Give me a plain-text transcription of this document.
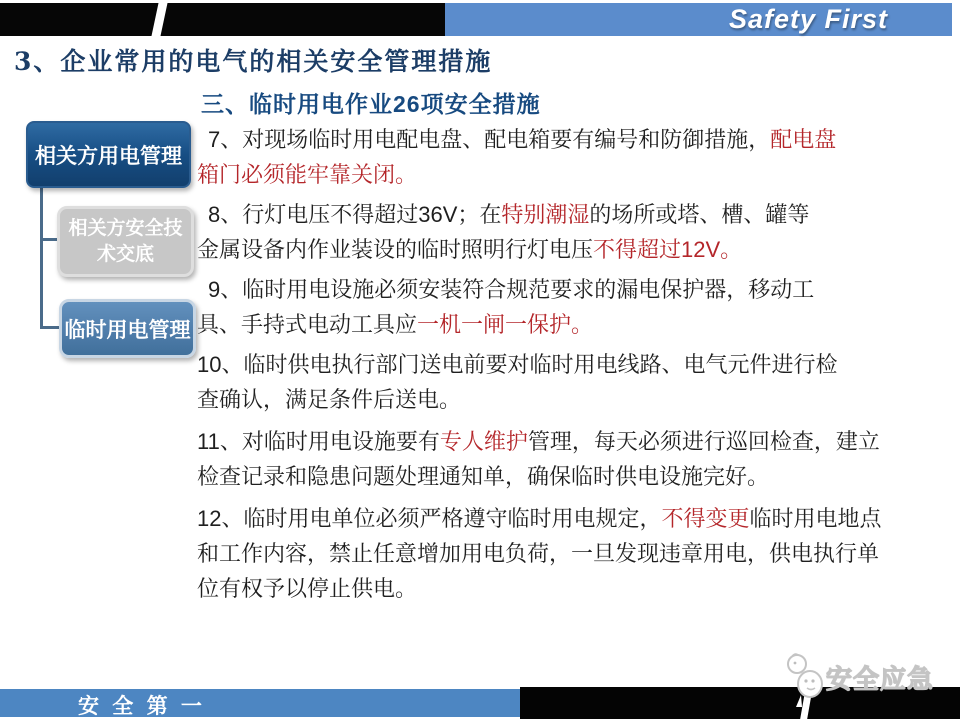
Safety First
3、企业常用的电气的相关安全管理措施
三、临时用电作业26项安全措施
相关方用电管理
相关方安全技
术交底
临时用电管理
7、对现场临时用电配电盘、配电箱要有编号和防御措施，配电盘
箱门必须能牢靠关闭。
8、行灯电压不得超过36V；在特别潮湿的场所或塔、槽、罐等
金属设备内作业装设的临时照明行灯电压不得超过12V。
9、临时用电设施必须安装符合规范要求的漏电保护器，移动工
具、手持式电动工具应一机一闸一保护。
10、临时供电执行部门送电前要对临时用电线路、电气元件进行检
查确认，满足条件后送电。
11、对临时用电设施要有专人维护管理，每天必须进行巡回检查，建立
检查记录和隐患问题处理通知单，确保临时供电设施完好。
12、临时用电单位必须严格遵守临时用电规定，不得变更临时用电地点
和工作内容，禁止任意增加用电负荷，一旦发现违章用电，供电执行单
位有权予以停止供电。
安全应急
安 全 第 一
